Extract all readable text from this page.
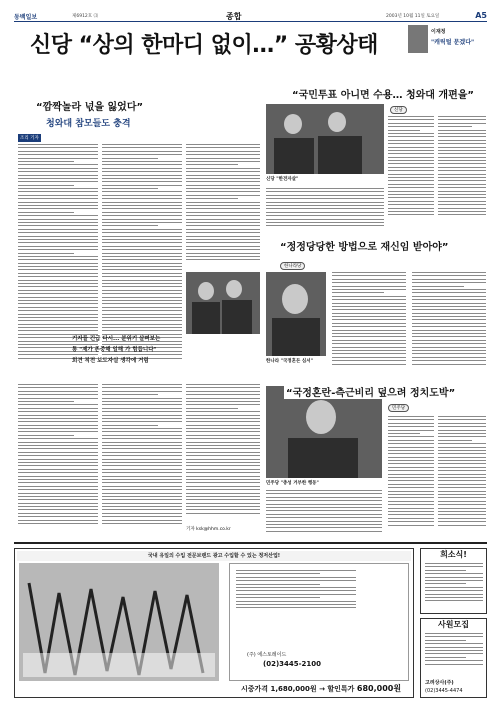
동백일보	제6912호 ⑶	종합	2003년 10월 11일 토요일	A5
신당 “상의 한마디 없이…” 공황상태
이재정
"캐릭털 문겠다"
“깜짝놀라 넋을 잃었다”
청와대 참모들도 충격
조리 기자
기자들 긴급 다시... 분위기 살펴보는
통 "제가 존중해 일해 가 힘듭니다"
회견 직전 보도자실 생각에 거림
기자 ksk@hhm.co.kr
신당 "한전자살"
“국민투표 아니면 수용… 청와대 개편을”
신당
“정정당당한 방법으로 재신임 받아야”
한나라당
한나라 "국정혼돈 심서"
민주당 "충성 거부한 행동"
“국정혼란-측근비리 덮으려 정치도박”
민주당
국내 유일의 수입 전문브랜드 광고 수입할 수 있는 정저산업!
(주) 에스토레이드
(02)3445-2100
시중가격 1,680,000원 → 할인특가 680,000원
희소식!
사원모집
고려상사(주)
(02)3445-4474
